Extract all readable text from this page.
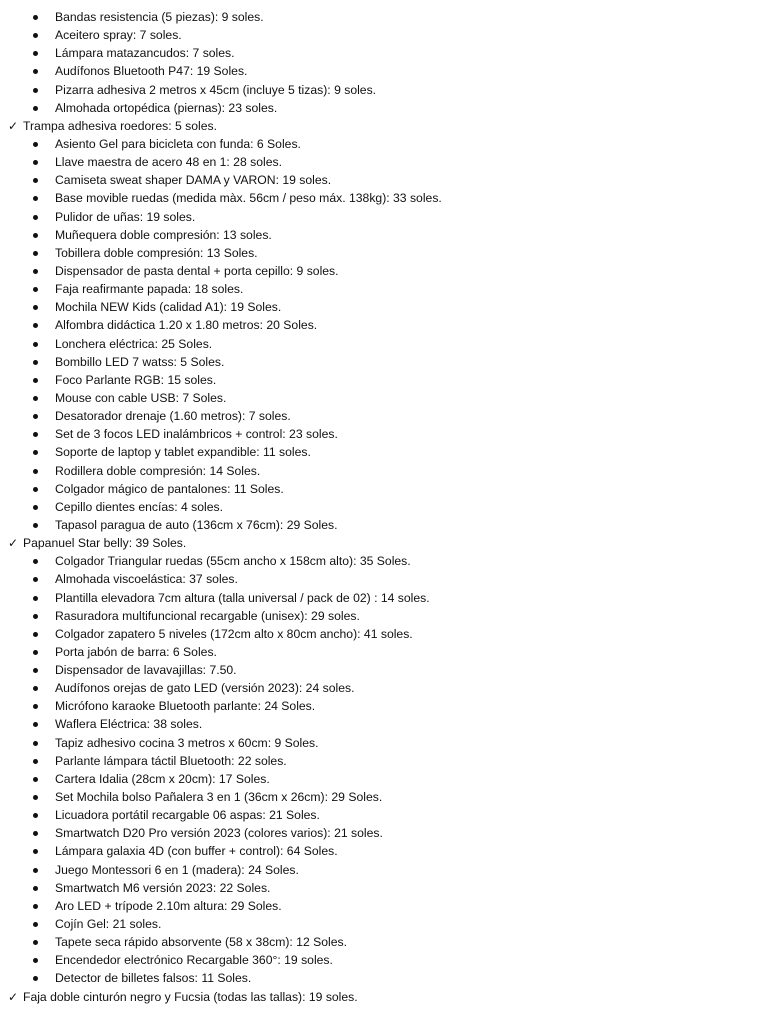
Bandas resistencia (5 piezas): 9 soles.
Aceitero spray: 7 soles.
Lámpara matazancudos: 7 soles.
Audífonos Bluetooth P47: 19 Soles.
Pizarra adhesiva 2 metros x 45cm (incluye 5 tizas): 9 soles.
Almohada ortopédica (piernas): 23 soles.
✓ Trampa adhesiva roedores: 5 soles.
Asiento Gel para bicicleta con funda: 6 Soles.
Llave maestra de acero 48 en 1: 28 soles.
Camiseta sweat shaper DAMA y VARON: 19 soles.
Base movible ruedas (medida màx. 56cm / peso máx. 138kg): 33 soles.
Pulidor de uñas: 19 soles.
Muñequera doble compresión: 13 soles.
Tobillera doble compresión: 13 Soles.
Dispensador de pasta dental + porta cepillo: 9 soles.
Faja reafirmante papada: 18 soles.
Mochila NEW Kids (calidad A1): 19 Soles.
Alfombra didáctica 1.20 x 1.80 metros: 20 Soles.
Lonchera eléctrica: 25 Soles.
Bombillo LED 7 watss: 5 Soles.
Foco Parlante RGB: 15 soles.
Mouse con cable USB: 7 Soles.
Desatorador drenaje (1.60 metros): 7 soles.
Set de 3 focos LED inalámbricos + control: 23 soles.
Soporte de laptop y tablet expandible: 11 soles.
Rodillera doble compresión: 14 Soles.
Colgador mágico de pantalones: 11 Soles.
Cepillo dientes encías: 4 soles.
Tapasol paragua de auto (136cm x 76cm): 29 Soles.
✓ Papanuel Star belly: 39 Soles.
Colgador Triangular ruedas (55cm ancho x 158cm alto): 35 Soles.
Almohada viscoelástica: 37 soles.
Plantilla elevadora 7cm altura (talla universal / pack de 02) : 14 soles.
Rasuradora multifuncional recargable (unisex): 29 soles.
Colgador zapatero 5 niveles (172cm alto x 80cm ancho): 41 soles.
Porta jabón de barra: 6 Soles.
Dispensador de lavavajillas: 7.50.
Audífonos orejas de gato LED (versión 2023): 24 soles.
Micrófono karaoke Bluetooth parlante: 24 Soles.
Waflera Eléctrica: 38 soles.
Tapiz adhesivo cocina 3 metros x 60cm: 9 Soles.
Parlante lámpara táctil Bluetooth: 22 soles.
Cartera Idalia (28cm x 20cm): 17 Soles.
Set Mochila bolso Pañalera 3 en 1 (36cm x 26cm): 29 Soles.
Licuadora portátil recargable 06 aspas: 21 Soles.
Smartwatch D20 Pro versión 2023 (colores varios): 21 soles.
Lámpara galaxia 4D (con buffer + control): 64 Soles.
Juego Montessori 6 en 1 (madera): 24 Soles.
Smartwatch M6 versión 2023: 22 Soles.
Aro LED + trípode 2.10m altura: 29 Soles.
Cojín Gel: 21 soles.
Tapete seca rápido absorvente (58 x 38cm): 12 Soles.
Encendedor electrónico Recargable 360°: 19 soles.
Detector de billetes falsos: 11 Soles.
✓ Faja doble cinturón negro y Fucsia (todas las tallas): 19 soles.
